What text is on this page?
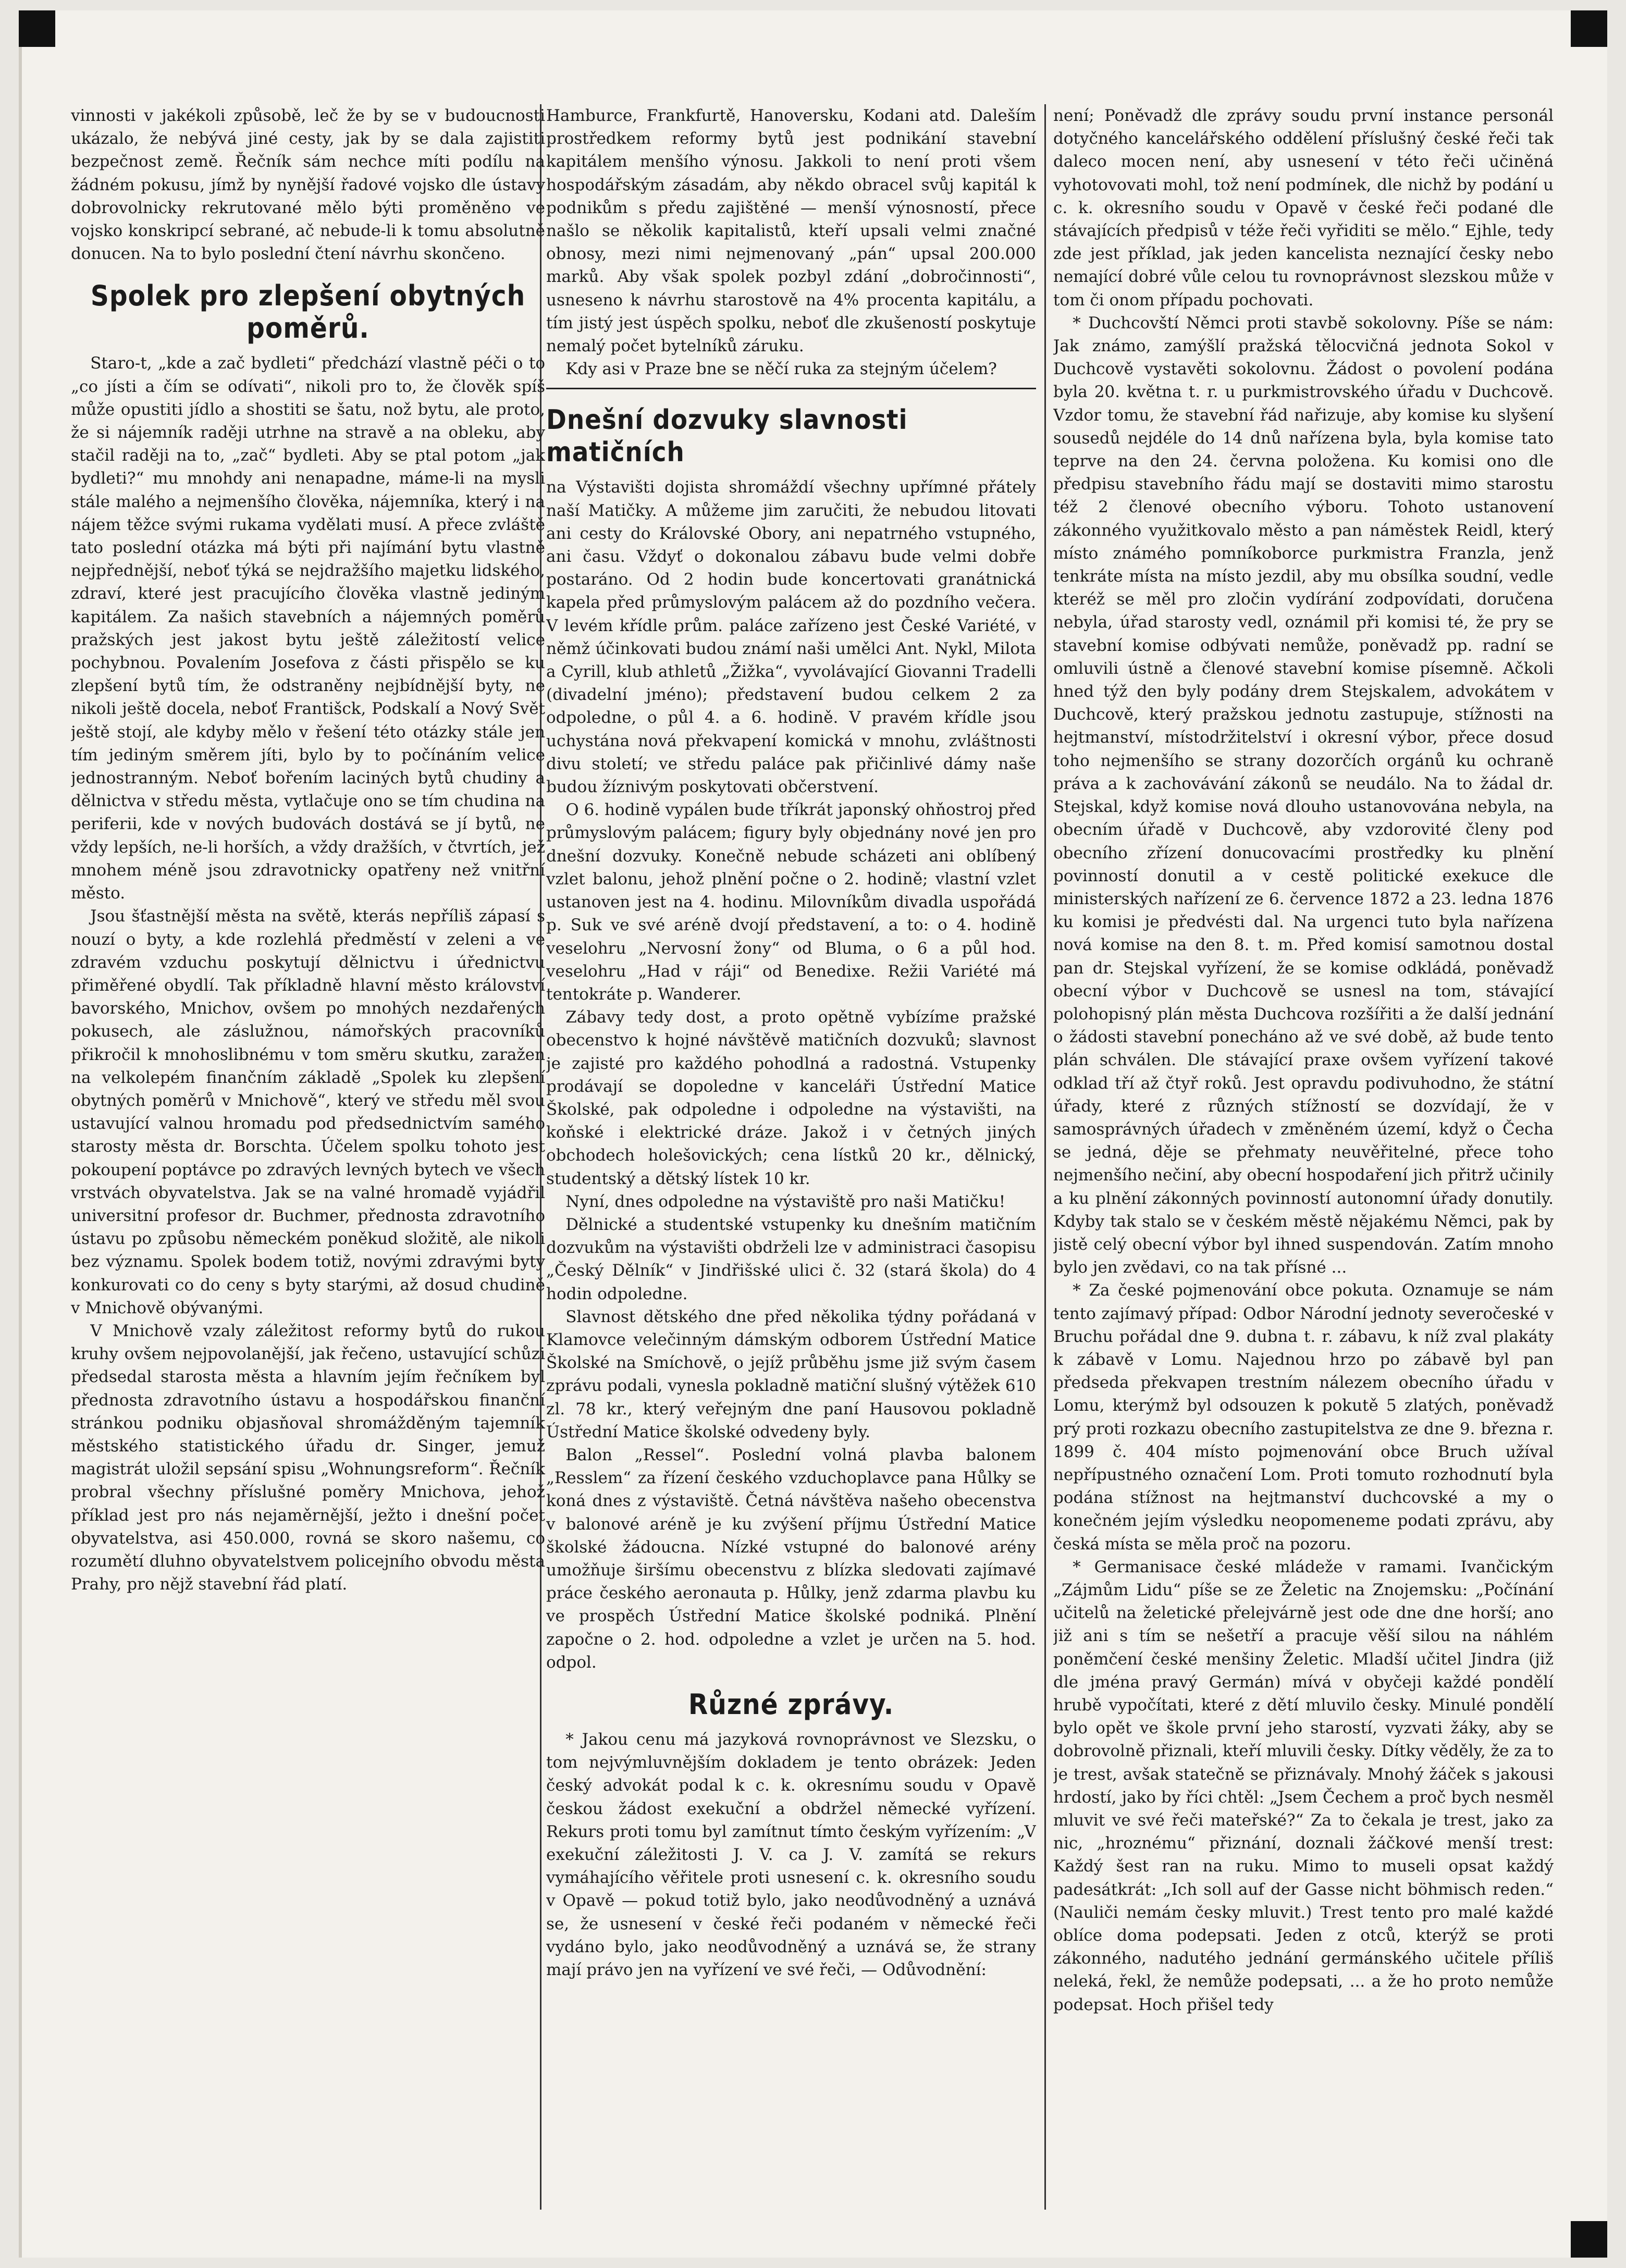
vinnosti v jakékoli způsobě, leč že by se v budoucnosti ukázalo, že nebývá jiné cesty, jak by se dala zajistiti bezpečnost země. Řečník sám nechce míti podílu na žádném pokusu, jímž by nynější řadové vojsko dle ústavy dobrovolnicky rekrutované mělo býti proměněno ve vojsko konskripcí sebrané, ač nebude-li k tomu absolutně donucen. Na to bylo poslední čtení návrhu skončeno.

Spolek pro zlepšení obytných poměrů.

Staro-t, „kde a zač bydleti“ předchází vlastně péči o to „co jísti a čím se odívati“, nikoli pro to, že člověk spíš může opustiti jídlo a shostiti se šatu, nož bytu, ale proto, že si nájemník raději utrhne na stravě a na obleku, aby stačil raději na to, „zač“ bydleti. Aby se ptal potom „jak bydleti?“ mu mnohdy ani nenapadne, máme-li na mysli stále malého a nejmenšího člověka, nájemníka, který i na nájem těžce svými rukama vydělati musí. A přece zvláště tato poslední otázka má býti při najímání bytu vlastně nejpřednější, neboť týká se nejdražšího majetku lidského, zdraví, které jest pracujícího člověka vlastně jediným kapitálem. Za našich stavebních a nájemných poměrů pražských jest jakost bytu ještě záležitostí velice pochybnou. Povalením Josefova z části přispělo se ku zlepšení bytů tím, že odstraněny nejbídnější byty, ne nikoli ještě docela, neboť Františck, Podskalí a Nový Svět ještě stojí, ale kdyby mělo v řešení této otázky stále jen tím jediným směrem jíti, bylo by to počínáním velice jednostranným. Neboť bořením laciných bytů chudiny a dělnictva v středu města, vytlačuje ono se tím chudina na periferii, kde v nových budovách dostává se jí bytů, ne vždy lepších, ne-li horších, a vždy dražších, v čtvrtích, jež mnohem méně jsou zdravotnicky opatřeny než vnitřní město.

Jsou šťastnější města na světě, kterás nepříliš zápasí s nouzí o byty, a kde rozlehlá předměstí v zeleni a ve zdravém vzduchu poskytují dělnictvu i úřednictvu přiměřené obydlí. Tak příkladně hlavní město království bavorského, Mnichov, ovšem po mnohých nezdařených pokusech, ale záslužnou, námořských pracovníků přikročil k mnohoslibnému v tom směru skutku, zaražen na velkolepém finančním základě „Spolek ku zlepšení obytných poměrů v Mnichově“, který ve středu měl svou ustavující valnou hromadu pod předsednictvím samého starosty města dr. Borschta. Účelem spolku tohoto jest pokoupení poptávce po zdravých levných bytech ve všech vrstvách obyvatelstva. Jak se na valné hromadě vyjádřil universitní profesor dr. Buchmer, přednosta zdravotního ústavu po způsobu německém poněkud složitě, ale nikoli bez významu. Spolek bodem totiž, novými zdravými byty konkurovati co do ceny s byty starými, až dosud chudině v Mnichově obývanými.

V Mnichově vzaly záležitost reformy bytů do rukou kruhy ovšem nejpovolanější, jak řečeno, ustavující schůzi předsedal starosta města a hlavním jejím řečníkem byl přednosta zdravotního ústavu a hospodářskou finanční stránkou podniku objasňoval shromážděným tajemník městského statistického úřadu dr. Singer, jemuž magistrát uložil sepsání spisu „Wohnungsreform“. Řečník probral všechny příslušné poměry Mnichova, jehož příklad jest pro nás nejaměrnější, ježto i dnešní počet obyvatelstva, asi 450.000, rovná se skoro našemu, co rozumětí dluhno obyvatelstvem policejního obvodu města Prahy, pro nějž stavební řád platí.

Hamburce, Frankfurtě, Hanoversku, Kodani atd. Daleším prostředkem reformy bytů jest podnikání stavební kapitálem menšího výnosu. Jakkoli to není proti všem hospodářským zásadám, aby někdo obracel svůj kapitál k podnikům s předu zajištěné — menší výnosností, přece našlo se několik kapitalistů, kteří upsali velmi značné obnosy, mezi nimi nejmenovaný „pán“ upsal 200.000 marků. Aby však spolek pozbyl zdání „dobročinnosti“, usneseno k návrhu starostově na 4% procenta kapitálu, a tím jistý jest úspěch spolku, neboť dle zkušeností poskytuje nemalý počet bytelníků záruku.

Kdy asi v Praze bne se něčí ruka za stejným účelem?

Dnešní dozvuky slavnosti matičních

na Výstavišti dojista shromáždí všechny upřímné přátely naší Matičky. A můžeme jim zaručiti, že nebudou litovati ani cesty do Královské Obory, ani nepatrného vstupného, ani času. Vždyť o dokonalou zábavu bude velmi dobře postaráno. Od 2 hodin bude koncertovati granátnická kapela před průmyslovým palácem až do pozdního večera. V levém křídle prům. paláce zařízeno jest České Variété, v němž účinkovati budou známí naši umělci Ant. Nykl, Milota a Cyrill, klub athletů „Žižka“, vyvolávající Giovanni Tradelli (divadelní jméno); představení budou celkem 2 za odpoledne, o půl 4. a 6. hodině. V pravém křídle jsou uchystána nová překvapení komická v mnohu, zvláštnosti divu století; ve středu paláce pak přičinlivé dámy naše budou žíznivým poskytovati občerstvení.

O 6. hodině vypálen bude tříkrát japonský ohňostroj před průmyslovým palácem; figury byly objednány nové jen pro dnešní dozvuky. Konečně nebude scházeti ani oblíbený vzlet balonu, jehož plnění počne o 2. hodině; vlastní vzlet ustanoven jest na 4. hodinu. Milovníkům divadla uspořádá p. Suk ve své aréně dvojí představení, a to: o 4. hodině veselohru „Nervosní žony“ od Bluma, o 6 a půl hod. veselohru „Had v ráji“ od Benedixe. Režii Variété má tentokráte p. Wanderer.

Zábavy tedy dost, a proto opětně vybízíme pražské obecenstvo k hojné návštěvě matičních dozvuků; slavnost je zajisté pro každého pohodlná a radostná. Vstupenky prodávají se dopoledne v kanceláři Ústřední Matice Školské, pak odpoledne i odpoledne na výstavišti, na koňské i elektrické dráze. Jakož i v četných jiných obchodech holešovických; cena lístků 20 kr., dělnický, studentský a dětský lístek 10 kr.

Nyní, dnes odpoledne na výstaviště pro naši Matičku!

Dělnické a studentské vstupenky ku dnešním matičním dozvukům na výstavišti obdrželi lze v administraci časopisu „Český Dělník“ v Jindřišské ulici č. 32 (stará škola) do 4 hodin odpoledne.

Slavnost dětského dne před několika týdny pořádaná v Klamovce velečinným dámským odborem Ústřední Matice Školské na Smíchově, o jejíž průběhu jsme již svým časem zprávu podali, vynesla pokladně matiční slušný výtěžek 610 zl. 78 kr., který veřejným dne paní Hausovou pokladně Ústřední Matice školské odvedeny byly.

Balon „Ressel“. Poslední volná plavba balonem „Resslem“ za řízení českého vzduchoplavce pana Hůlky se koná dnes z výstaviště. Četná návštěva našeho obecenstva v balonové aréně je ku zvýšení příjmu Ústřední Matice školské žádoucna. Nízké vstupné do balonové arény umožňuje širšímu obecenstvu z blízka sledovati zajímavé práce českého aeronauta p. Hůlky, jenž zdarma plavbu ku ve prospěch Ústřední Matice školské podniká. Plnění započne o 2. hod. odpoledne a vzlet je určen na 5. hod. odpol.

Různé zprávy.

* Jakou cenu má jazyková rovnoprávnost ve Slezsku, o tom nejvýmluvnějším dokladem je tento obrázek: Jeden český advokát podal k c. k. okresnímu soudu v Opavě českou žádost exekuční a obdržel německé vyřízení. Rekurs proti tomu byl zamítnut tímto českým vyřízením: „V exekuční záležitosti J. V. ca J. V. zamítá se rekurs vymáhajícího věřitele proti usnesení c. k. okresního soudu v Opavě — pokud totiž bylo, jako neodůvodněný a uznává se, že usnesení v české řeči podaném v německé řeči vydáno bylo, jako neodůvodněný a uznává se, že strany mají právo jen na vyřízení ve své řeči, — Odůvodnění:

není; Poněvadž dle zprávy soudu první instance personál dotyčného kancelářského oddělení příslušný české řeči tak daleco mocen není, aby usnesení v této řeči učiněná vyhotovovati mohl, tož není podmínek, dle nichž by podání u c. k. okresního soudu v Opavě v české řeči podané dle stávajících předpisů v téže řeči vyřiditi se mělo.“ Ejhle, tedy zde jest příklad, jak jeden kancelista neznající česky nebo nemající dobré vůle celou tu rovnoprávnost slezskou může v tom či onom případu pochovati.

* Duchcovští Němci proti stavbě sokolovny. Píše se nám: Jak známo, zamýšlí pražská tělocvičná jednota Sokol v Duchcově vystavěti sokolovnu. Žádost o povolení podána byla 20. května t. r. u purkmistrovského úřadu v Duchcově. Vzdor tomu, že stavební řád nařizuje, aby komise ku slyšení sousedů nejdéle do 14 dnů nařízena byla, byla komise tato teprve na den 24. června položena. Ku komisi ono dle předpisu stavebního řádu mají se dostaviti mimo starostu též 2 členové obecního výboru. Tohoto ustanovení zákonného využitkovalo město a pan náměstek Reidl, který místo známého pomníkoborce purkmistra Franzla, jenž tenkráte místa na místo jezdil, aby mu obsílka soudní, vedle kteréž se měl pro zločin vydírání zodpovídati, doručena nebyla, úřad starosty vedl, oznámil při komisi té, že pry se stavební komise odbývati nemůže, poněvadž pp. radní se omluvili ústně a členové stavební komise písemně. Ačkoli hned týž den byly podány drem Stejskalem, advokátem v Duchcově, který pražskou jednotu zastupuje, stížnosti na hejtmanství, místodržitelství i okresní výbor, přece dosud toho nejmenšího se strany dozorčích orgánů ku ochraně práva a k zachovávání zákonů se neudálo. Na to žádal dr. Stejskal, když komise nová dlouho ustanovována nebyla, na obecním úřadě v Duchcově, aby vzdorovité členy pod obecního zřízení donucovacími prostředky ku plnění povinností donutil a v cestě politické exekuce dle ministerských nařízení ze 6. července 1872 a 23. ledna 1876 ku komisi je předvésti dal. Na urgenci tuto byla nařízena nová komise na den 8. t. m. Před komisí samotnou dostal pan dr. Stejskal vyřízení, že se komise odkládá, poněvadž obecní výbor v Duchcově se usnesl na tom, stávající polohopisný plán města Duchcova rozšířiti a že další jednání o žádosti stavební ponecháno až ve své době, až bude tento plán schválen. Dle stávající praxe ovšem vyřízení takové odklad tří až čtyř roků. Jest opravdu podivuhodno, že státní úřady, které z různých stížností se dozvídají, že v samosprávných úřadech v změněném území, když o Čecha se jedná, děje se přehmaty neuvěřitelné, přece toho nejmenšího nečiní, aby obecní hospodaření jich přitrž učinily a ku plnění zákonných povinností autonomní úřady donutily. Kdyby tak stalo se v českém městě nějakému Němci, pak by jistě celý obecní výbor byl ihned suspendován. Zatím mnoho bylo jen zvědavi, co na tak přísné ...

* Za české pojmenování obce pokuta. Oznamuje se nám tento zajímavý případ: Odbor Národní jednoty severočeské v Bruchu pořádal dne 9. dubna t. r. zábavu, k níž zval plakáty k zábavě v Lomu. Najednou hrzo po zábavě byl pan předseda překvapen trestním nálezem obecního úřadu v Lomu, kterýmž byl odsouzen k pokutě 5 zlatých, poněvadž prý proti rozkazu obecního zastupitelstva ze dne 9. března r. 1899 č. 404 místo pojmenování obce Bruch užíval nepřípustného označení Lom. Proti tomuto rozhodnutí byla podána stížnost na hejtmanství duchcovské a my o konečném jejím výsledku neopomeneme podati zprávu, aby česká místa se měla proč na pozoru.

* Germanisace české mládeže v ramami. Ivančickým „Zájmům Lidu“ píše se ze Želetic na Znojemsku: „Počínání učitelů na želetické přelejvárně jest ode dne dne horší; ano již ani s tím se nešetří a pracuje věší silou na náhlém poněmčení české menšiny Želetic. Mladší učitel Jindra (již dle jména pravý Germán) mívá v obyčeji každé pondělí hrubě vypočítati, které z dětí mluvilo česky. Minulé pondělí bylo opět ve škole první jeho starostí, vyzvati žáky, aby se dobrovolně přiznali, kteří mluvili česky. Dítky věděly, že za to je trest, avšak statečně se přiznávaly. Mnohý žáček s jakousi hrdostí, jako by říci chtěl: „Jsem Čechem a proč bych nesměl mluvit ve své řeči mateřské?“ Za to čekala je trest, jako za nic, „hroznému“ přiznání, doznali žáčkové menší trest: Každý šest ran na ruku. Mimo to museli opsat každý padesátkrát: „Ich soll auf der Gasse nicht böhmisch reden.“ (Nauliči nemám česky mluvit.) Trest tento pro malé každé oblíce doma podepsati. Jeden z otců, kterýž se proti zákonného, nadutého jednání germánského učitele příliš neleká, řekl, že nemůže podepsati, ... a že ho proto nemůže podepsat. Hoch přišel tedy
